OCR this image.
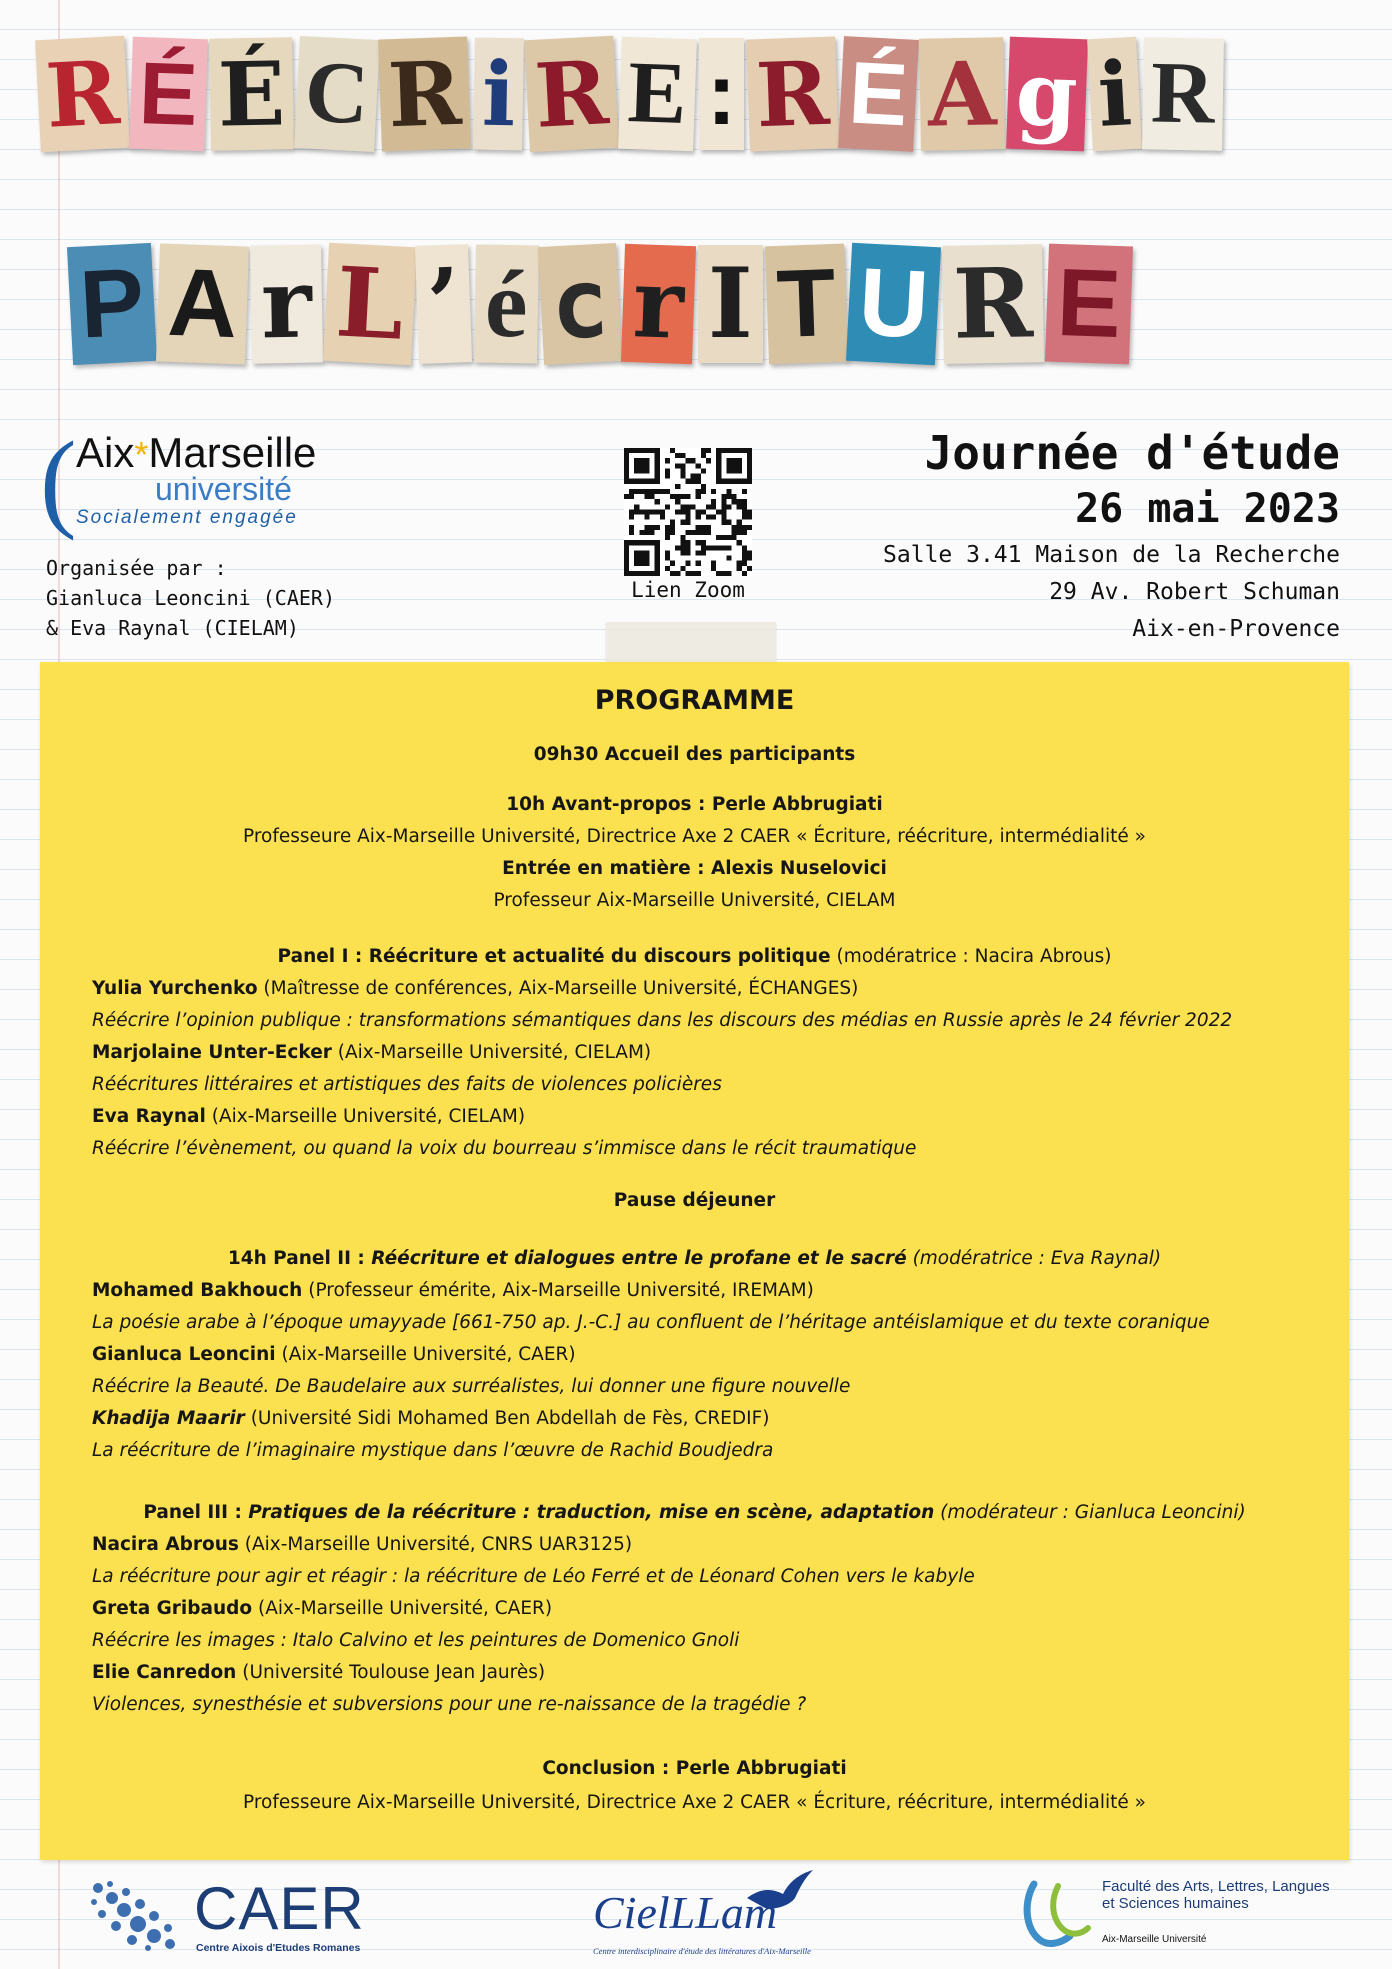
R É É C R i R E : R É A g i R
P A r L ’ é c r I T U R E
( Aix*Marseille
université
Socialement engagée
Organisée par :
Gianluca Leoncini (CAER)
& Eva Raynal (CIELAM)
Lien Zoom
Journée d'étude
26 mai 2023
Salle 3.41 Maison de la Recherche
29 Av. Robert Schuman
Aix-en-Provence
PROGRAMME
09h30 Accueil des participants
10h Avant-propos : Perle Abbrugiati
Professeure Aix-Marseille Université, Directrice Axe 2 CAER « Écriture, réécriture, intermédialité »
Entrée en matière : Alexis Nuselovici
Professeur Aix-Marseille Université, CIELAM
Panel I : Réécriture et actualité du discours politique (modératrice : Nacira Abrous)
Yulia Yurchenko (Maîtresse de conférences, Aix-Marseille Université, ÉCHANGES)
Réécrire l’opinion publique : transformations sémantiques dans les discours des médias en Russie après le 24 février 2022
Marjolaine Unter-Ecker (Aix-Marseille Université, CIELAM)
Réécritures littéraires et artistiques des faits de violences policières
Eva Raynal (Aix-Marseille Université, CIELAM)
Réécrire l’évènement, ou quand la voix du bourreau s’immisce dans le récit traumatique
Pause déjeuner
14h Panel II : Réécriture et dialogues entre le profane et le sacré (modératrice : Eva Raynal)
Mohamed Bakhouch (Professeur émérite, Aix-Marseille Université, IREMAM)
La poésie arabe à l’époque umayyade [661-750 ap. J.-C.] au confluent de l’héritage antéislamique et du texte coranique
Gianluca Leoncini (Aix-Marseille Université, CAER)
Réécrire la Beauté. De Baudelaire aux surréalistes, lui donner une figure nouvelle
Khadija Maarir (Université Sidi Mohamed Ben Abdellah de Fès, CREDIF)
La réécriture de l’imaginaire mystique dans l’œuvre de Rachid Boudjedra
Panel III : Pratiques de la réécriture : traduction, mise en scène, adaptation (modérateur : Gianluca Leoncini)
Nacira Abrous (Aix-Marseille Université, CNRS UAR3125)
La réécriture pour agir et réagir : la réécriture de Léo Ferré et de Léonard Cohen vers le kabyle
Greta Gribaudo (Aix-Marseille Université, CAER)
Réécrire les images : Italo Calvino et les peintures de Domenico Gnoli
Elie Canredon (Université Toulouse Jean Jaurès)
Violences, synesthésie et subversions pour une re-naissance de la tragédie ?
Conclusion : Perle Abbrugiati
Professeure Aix-Marseille Université, Directrice Axe 2 CAER « Écriture, réécriture, intermédialité »
CAER
Centre Aixois d'Etudes Romanes
CielLLam
Centre interdisciplinaire d'étude des littératures d'Aix-Marseille
Faculté des Arts, Lettres, Langues et Sciences humaines
Aix-Marseille Université
